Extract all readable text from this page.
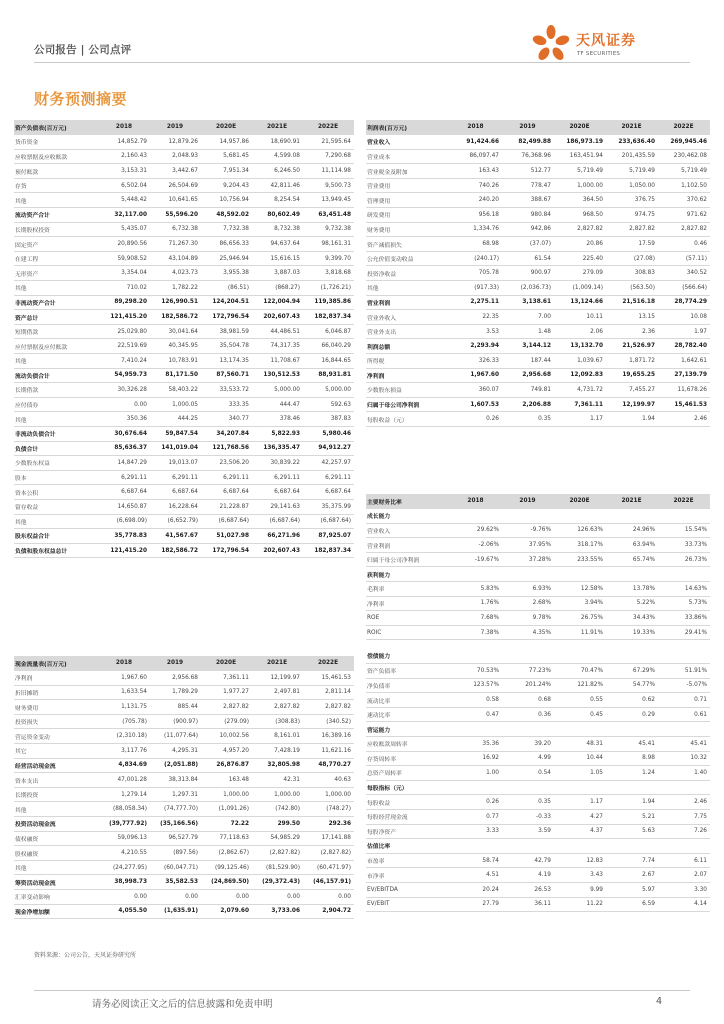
公司报告 | 公司点评
天风证券
TF SECURITIES
财务预测摘要
资产负债表(百万元)	2018	2019	2020E	2021E	2022E
货币资金	14,852.79	12,879.26	14,957.86	18,690.91	21,595.64
应收票据及应收账款	2,160.43	2,048.93	5,681.45	4,599.08	7,290.68
预付账款	3,153.31	3,442.67	7,951.34	6,246.50	11,114.98
存货	6,502.04	26,504.69	9,204.43	42,811.46	9,500.73
其他	5,448.42	10,641.65	10,756.94	8,254.54	13,949.45
流动资产合计	32,117.00	55,596.20	48,592.02	80,602.49	63,451.48
长期股权投资	5,435.07	6,732.38	7,732.38	8,732.38	9,732.38
固定资产	20,890.56	71,267.30	86,656.33	94,637.64	98,161.31
在建工程	59,908.52	43,104.89	25,946.94	15,616.15	9,399.70
无形资产	3,354.04	4,023.73	3,955.38	3,887.03	3,818.68
其他	710.02	1,782.22	(86.51)	(868.27)	(1,726.21)
非流动资产合计	89,298.20	126,990.51	124,204.51	122,004.94	119,385.86
资产总计	121,415.20	182,586.72	172,796.54	202,607.43	182,837.34
短期借款	25,029.80	30,041.64	38,981.59	44,486.51	6,046.87
应付票据及应付账款	22,519.69	40,345.95	35,504.78	74,317.35	66,040.29
其他	7,410.24	10,783.91	13,174.35	11,708.67	16,844.65
流动负债合计	54,959.73	81,171.50	87,560.71	130,512.53	88,931.81
长期借款	30,326.28	58,403.22	33,533.72	5,000.00	5,000.00
应付债券	0.00	1,000.05	333.35	444.47	592.63
其他	350.36	444.25	340.77	378.46	387.83
非流动负债合计	30,676.64	59,847.54	34,207.84	5,822.93	5,980.46
负债合计	85,636.37	141,019.04	121,768.56	136,335.47	94,912.27
少数股东权益	14,847.29	19,013.07	23,506.20	30,839.22	42,257.97
股本	6,291.11	6,291.11	6,291.11	6,291.11	6,291.11
资本公积	6,687.64	6,687.64	6,687.64	6,687.64	6,687.64
留存收益	14,650.87	16,228.64	21,228.87	29,141.63	35,375.99
其他	(6,698.09)	(6,652.79)	(6,687.64)	(6,687.64)	(6,687.64)
股东权益合计	35,778.83	41,567.67	51,027.98	66,271.96	87,925.07
负债和股东权益总计	121,415.20	182,586.72	172,796.54	202,607.43	182,837.34
现金流量表(百万元)	2018	2019	2020E	2021E	2022E
净利润	1,967.60	2,956.68	7,361.11	12,199.97	15,461.53
折旧摊销	1,633.54	1,789.29	1,977.27	2,497.81	2,811.14
财务费用	1,131.75	885.44	2,827.82	2,827.82	2,827.82
投资损失	(705.78)	(900.97)	(279.09)	(308.83)	(340.52)
营运资金变动	(2,310.18)	(11,077.64)	10,002.56	8,161.01	16,389.16
其它	3,117.76	4,295.31	4,957.20	7,428.19	11,621.16
经营活动现金流	4,834.69	(2,051.88)	26,876.87	32,805.98	48,770.27
资本支出	47,001.28	38,313.84	163.48	42.31	40.63
长期投资	1,279.14	1,297.31	1,000.00	1,000.00	1,000.00
其他	(88,058.34)	(74,777.70)	(1,091.26)	(742.80)	(748.27)
投资活动现金流	(39,777.92)	(35,166.56)	72.22	299.50	292.36
债权融资	59,096.13	96,527.79	77,118.63	54,985.29	17,141.88
股权融资	4,210.55	(897.56)	(2,862.67)	(2,827.82)	(2,827.82)
其他	(24,277.95)	(60,047.71)	(99,125.46)	(81,529.90)	(60,471.97)
筹资活动现金流	38,998.73	35,582.53	(24,869.50)	(29,372.43)	(46,157.91)
汇率变动影响	0.00	0.00	0.00	0.00	0.00
现金净增加额	4,055.50	(1,635.91)	2,079.60	3,733.06	2,904.72
利润表(百万元)	2018	2019	2020E	2021E	2022E
营业收入	91,424.66	82,499.88	186,973.19	233,636.40	269,945.46
营业成本	86,097.47	76,368.96	163,451.94	201,435.59	230,462.08
营业税金及附加	163.43	512.77	5,719.49	5,719.49	5,719.49
营业费用	740.26	778.47	1,000.00	1,050.00	1,102.50
管理费用	240.20	388.67	364.50	376.75	370.62
研发费用	956.18	980.84	968.50	974.75	971.62
财务费用	1,334.76	942.86	2,827.82	2,827.82	2,827.82
资产减值损失	68.98	(37.07)	20.86	17.59	0.46
公允价值变动收益	(240.17)	61.54	225.40	(27.08)	(57.11)
投资净收益	705.78	900.97	279.09	308.83	340.52
其他	(917.33)	(2,036.73)	(1,009.14)	(563.50)	(566.64)
营业利润	2,275.11	3,138.61	13,124.66	21,516.18	28,774.29
营业外收入	22.35	7.00	10.11	13.15	10.08
营业外支出	3.53	1.48	2.06	2.36	1.97
利润总额	2,293.94	3,144.12	13,132.70	21,526.97	28,782.40
所得税	326.33	187.44	1,039.67	1,871.72	1,642.61
净利润	1,967.60	2,956.68	12,092.83	19,655.25	27,139.79
少数股东损益	360.07	749.81	4,731.72	7,455.27	11,678.26
归属于母公司净利润	1,607.53	2,206.88	7,361.11	12,199.97	15,461.53
每股收益（元）	0.26	0.35	1.17	1.94	2.46
主要财务比率	2018	2019	2020E	2021E	2022E
成长能力					
营业收入	29.62%	-9.76%	126.63%	24.96%	15.54%
营业利润	-2.06%	37.95%	318.17%	63.94%	33.73%
归属于母公司净利润	-19.67%	37.28%	233.55%	65.74%	26.73%
获利能力					
毛利率	5.83%	6.93%	12.58%	13.78%	14.63%
净利率	1.76%	2.68%	3.94%	5.22%	5.73%
ROE	7.68%	9.78%	26.75%	34.43%	33.86%
ROIC	7.38%	4.35%	11.91%	19.33%	29.41%

偿债能力					
资产负债率	70.53%	77.23%	70.47%	67.29%	51.91%
净负债率	123.57%	201.24%	121.82%	54.77%	-5.07%
流动比率	0.58	0.68	0.55	0.62	0.71
速动比率	0.47	0.36	0.45	0.29	0.61
营运能力					
应收账款周转率	35.36	39.20	48.31	45.41	45.41
存货周转率	16.92	4.99	10.44	8.98	10.32
总资产周转率	1.00	0.54	1.05	1.24	1.40
每股指标（元）					
每股收益	0.26	0.35	1.17	1.94	2.46
每股经营现金流	0.77	-0.33	4.27	5.21	7.75
每股净资产	3.33	3.59	4.37	5.63	7.26
估值比率					
市盈率	58.74	42.79	12.83	7.74	6.11
市净率	4.51	4.19	3.43	2.67	2.07
EV/EBITDA	20.24	26.53	9.99	5.97	3.30
EV/EBIT	27.79	36.11	11.22	6.59	4.14
资料来源：公司公告，天风证券研究所
请务必阅读正文之后的信息披露和免责申明	4
